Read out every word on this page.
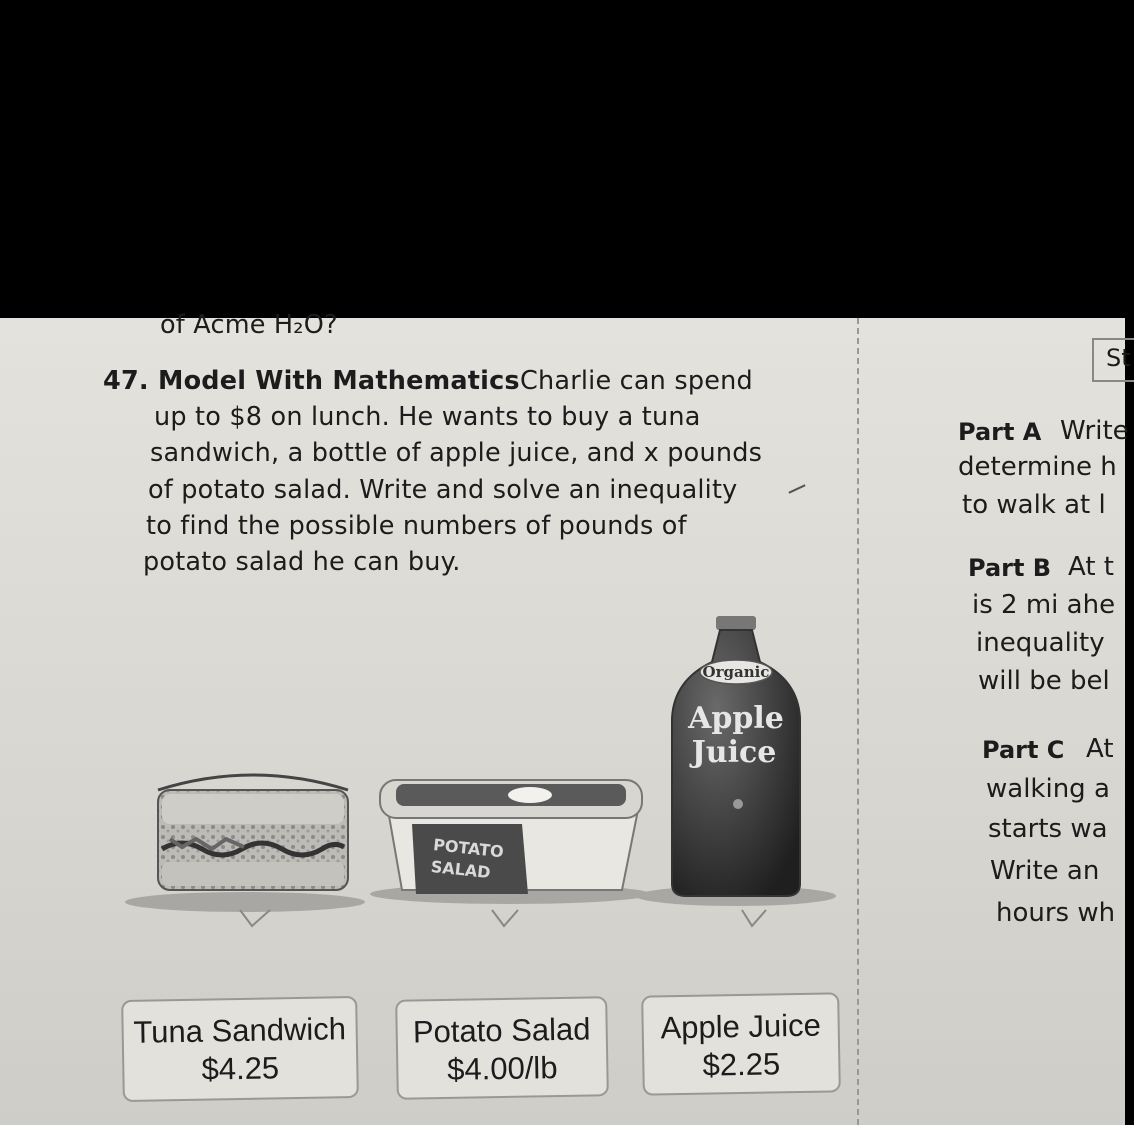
of Acme H₂O?
47. Model With Mathematics Charlie can spend
up to $8 on lunch. He wants to buy a tuna
sandwich, a bottle of apple juice, and x pounds
of potato salad. Write and solve an inequality
to find the possible numbers of pounds of
potato salad he can buy.
POTATO
SALAD
Organic
Apple
Juice
Tuna Sandwich
$4.25
Potato Salad
$4.00/lb
Apple Juice
$2.25
St
Part A Write
determine h
to walk at l
Part B At t
is 2 mi ahe
inequality
will be bel
Part C At
walking a
starts wa
Write an
hours wh
